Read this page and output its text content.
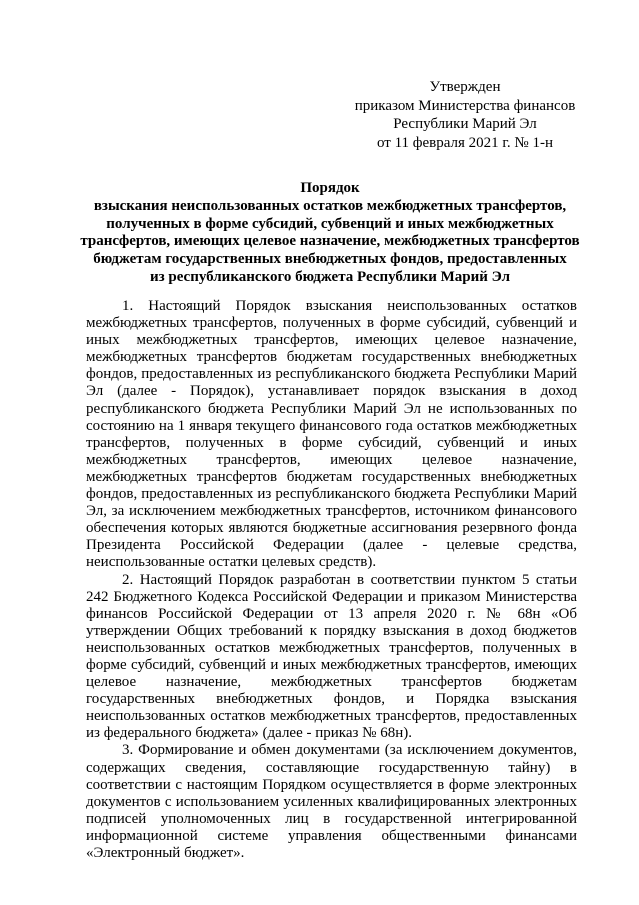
Утвержден
приказом Министерства финансов
Республики Марий Эл
от 11 февраля 2021 г. № 1-н
Порядок
взыскания неиспользованных остатков межбюджетных трансфертов,
полученных в форме субсидий, субвенций и иных межбюджетных
трансфертов, имеющих целевое назначение, межбюджетных трансфертов
бюджетам государственных внебюджетных фондов, предоставленных
из республиканского бюджета Республики Марий Эл

1. Настоящий Порядок взыскания неиспользованных остатков межбюджетных трансфертов, полученных в форме субсидий, субвенций и иных межбюджетных трансфертов, имеющих целевое назначение, межбюджетных трансфертов бюджетам государственных внебюджетных фондов, предоставленных из республиканского бюджета Республики Марий Эл (далее - Порядок), устанавливает порядок взыскания в доход республиканского бюджета Республики Марий Эл не использованных по состоянию на 1 января текущего финансового года остатков межбюджетных трансфертов, полученных в форме субсидий, субвенций и иных межбюджетных трансфертов, имеющих целевое назначение, межбюджетных трансфертов бюджетам государственных внебюджетных фондов, предоставленных из республиканского бюджета Республики Марий Эл, за исключением межбюджетных трансфертов, источником финансового обеспечения которых являются бюджетные ассигнования резервного фонда Президента Российской Федерации (далее - целевые средства, неиспользованные остатки целевых средств).

2. Настоящий Порядок разработан в соответствии пунктом 5 статьи 242 Бюджетного Кодекса Российской Федерации и приказом Министерства финансов Российской Федерации от 13 апреля 2020 г. № 68н «Об утверждении Общих требований к порядку взыскания в доход бюджетов неиспользованных остатков межбюджетных трансфертов, полученных в форме субсидий, субвенций и иных межбюджетных трансфертов, имеющих целевое назначение, межбюджетных трансфертов бюджетам государственных внебюджетных фондов, и Порядка взыскания неиспользованных остатков межбюджетных трансфертов, предоставленных из федерального бюджета» (далее - приказ № 68н).

3. Формирование и обмен документами (за исключением документов, содержащих сведения, составляющие государственную тайну) в соответствии с настоящим Порядком осуществляется в форме электронных документов с использованием усиленных квалифицированных электронных подписей уполномоченных лиц в государственной интегрированной информационной системе управления общественными финансами «Электронный бюджет».
